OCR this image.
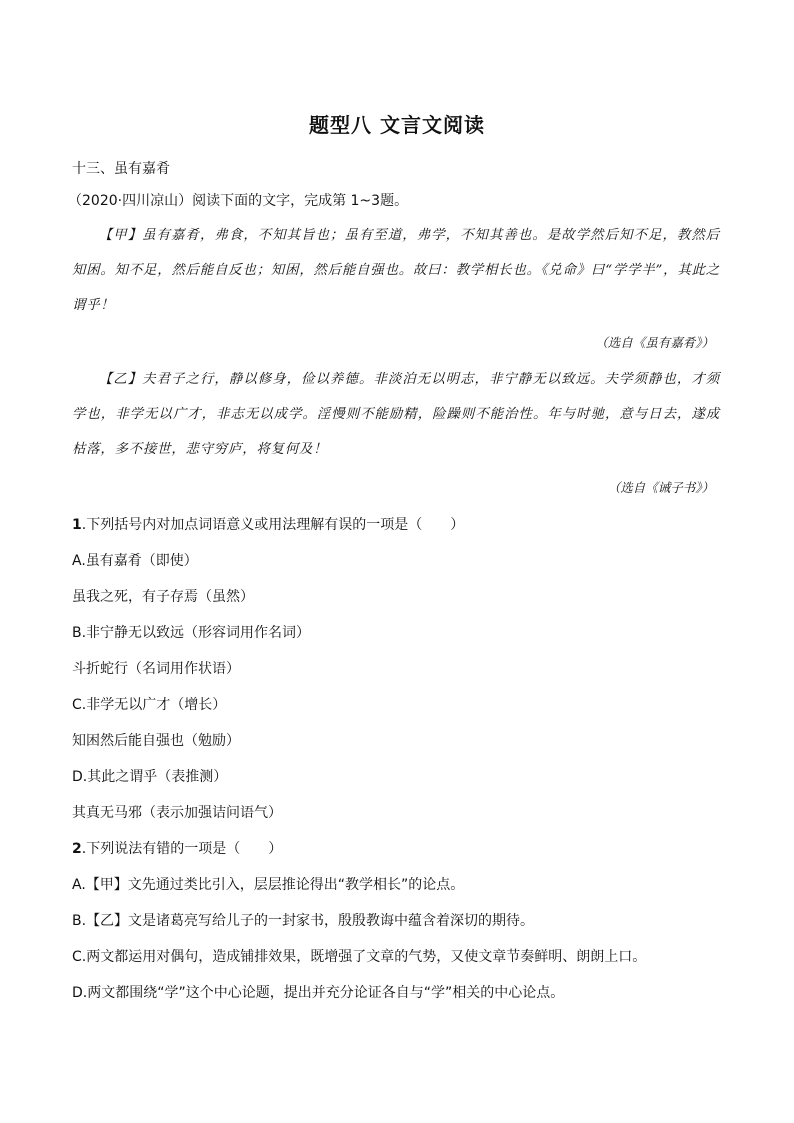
题型八 文言文阅读
十三、虽有嘉肴
（2020·四川凉山）阅读下面的文字，完成第 1~3题。
【甲】虽有嘉肴，弗食，不知其旨也；虽有至道，弗学，不知其善也。是故学然后知不足，教然后知困。知不足，然后能自反也；知困，然后能自强也。故曰：教学相长也。《兑命》曰“学学半”，其此之谓乎！
（选自《虽有嘉肴》）
【乙】夫君子之行，静以修身，俭以养德。非淡泊无以明志，非宁静无以致远。夫学须静也，才须学也，非学无以广才，非志无以成学。淫慢则不能励精，险躁则不能治性。年与时驰，意与日去，遂成枯落，多不接世，悲守穷庐，将复何及！
（选自《诫子书》）
1.下列括号内对加点词语意义或用法理解有误的一项是（　　）
A.虽有嘉肴（即使）
虽我之死，有子存焉（虽然）
B.非宁静无以致远（形容词用作名词）
斗折蛇行（名词用作状语）
C.非学无以广才（增长）
知困然后能自强也（勉励）
D.其此之谓乎（表推测）
其真无马邪（表示加强诘问语气）
2.下列说法有错的一项是（　　）
A.【甲】文先通过类比引入，层层推论得出“教学相长”的论点。
B.【乙】文是诸葛亮写给儿子的一封家书，殷殷教诲中蕴含着深切的期待。
C.两文都运用对偶句，造成铺排效果，既增强了文章的气势，又使文章节奏鲜明、朗朗上口。
D.两文都围绕“学”这个中心论题，提出并充分论证各自与“学”相关的中心论点。
